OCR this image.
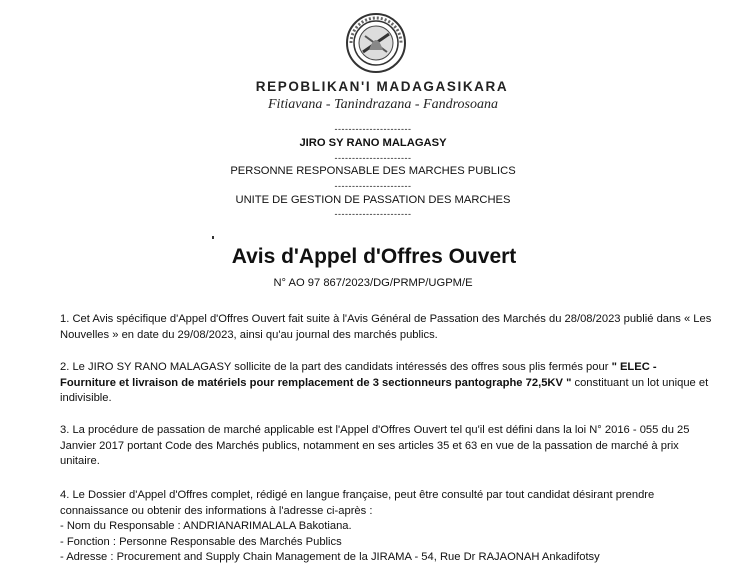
REPOBLIKAN'I MADAGASIKARA
Fitiavana - Tanindrazana - Fandrosoana
----------------------
JIRO SY RANO MALAGASY
----------------------
PERSONNE RESPONSABLE DES MARCHES PUBLICS
----------------------
UNITE DE GESTION DE PASSATION DES MARCHES
----------------------
Avis d'Appel d'Offres Ouvert
N° AO 97 867/2023/DG/PRMP/UGPM/E
1. Cet Avis spécifique d'Appel d'Offres Ouvert fait suite à l'Avis Général de Passation des Marchés du 28/08/2023 publié dans « Les Nouvelles » en date du 29/08/2023, ainsi qu'au journal des marchés publics.
2. Le JIRO SY RANO MALAGASY sollicite de la part des candidats intéressés des offres sous plis fermés pour " ELEC - Fourniture et livraison de matériels pour remplacement de 3 sectionneurs pantographe 72,5KV " constituant un lot unique et indivisible.
3. La procédure de passation de marché applicable est l'Appel d'Offres Ouvert tel qu'il est défini dans la loi N° 2016 - 055 du 25 Janvier 2017 portant Code des Marchés publics, notamment en ses articles 35 et 63 en vue de la passation de marché à prix unitaire.
4. Le Dossier d'Appel d'Offres complet, rédigé en langue française, peut être consulté par tout candidat désirant prendre connaissance ou obtenir des informations à l'adresse ci-après :
- Nom du Responsable : ANDRIANARIMALALA Bakotiana.
- Fonction : Personne Responsable des Marchés Publics
- Adresse : Procurement and Supply Chain Management de la JIRAMA - 54, Rue Dr RAJAONAH Ankadifotsy
